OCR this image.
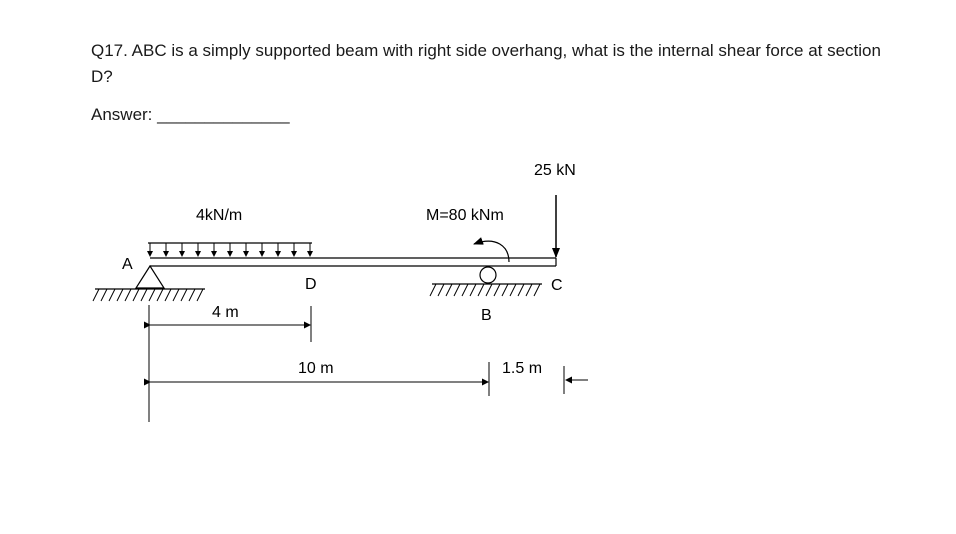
Q17. ABC is a simply supported beam with right side overhang, what is the internal shear force at section D?
Answer: ______________
4kN/m
A
B
C
D
M=80 kNm
25 kN
4 m
10 m	1.5 m
